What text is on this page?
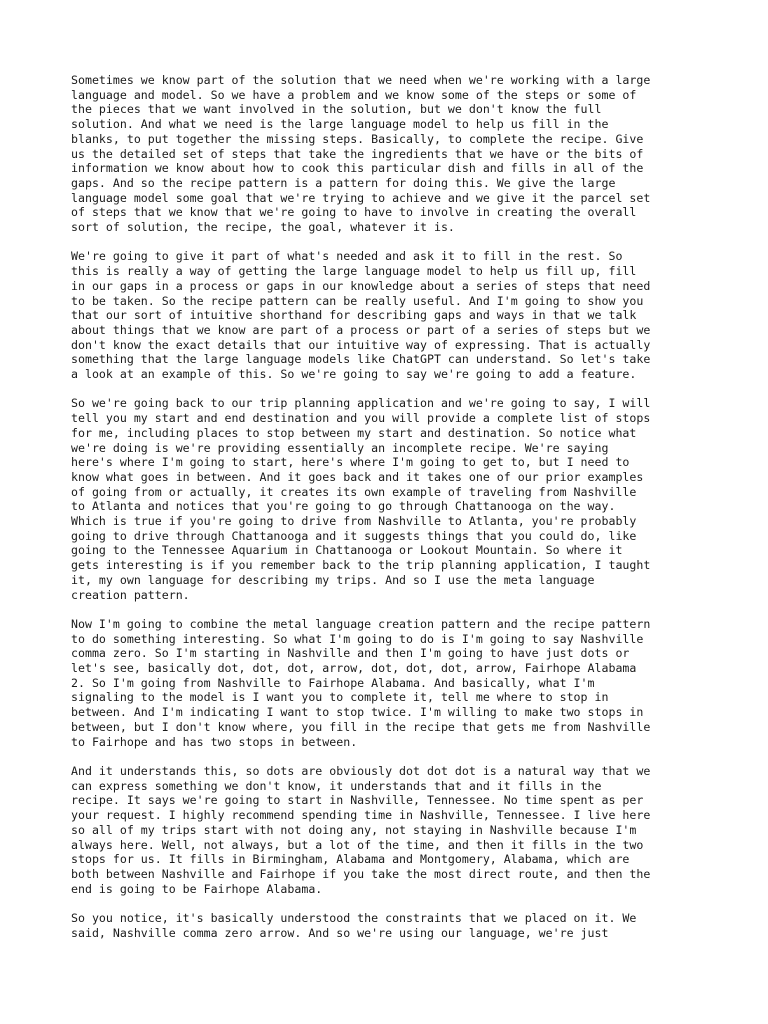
Sometimes we know part of the solution that we need when we're working with a large
language and model. So we have a problem and we know some of the steps or some of
the pieces that we want involved in the solution, but we don't know the full
solution. And what we need is the large language model to help us fill in the
blanks, to put together the missing steps. Basically, to complete the recipe. Give
us the detailed set of steps that take the ingredients that we have or the bits of
information we know about how to cook this particular dish and fills in all of the
gaps. And so the recipe pattern is a pattern for doing this. We give the large
language model some goal that we're trying to achieve and we give it the parcel set
of steps that we know that we're going to have to involve in creating the overall
sort of solution, the recipe, the goal, whatever it is.

We're going to give it part of what's needed and ask it to fill in the rest. So
this is really a way of getting the large language model to help us fill up, fill
in our gaps in a process or gaps in our knowledge about a series of steps that need
to be taken. So the recipe pattern can be really useful. And I'm going to show you
that our sort of intuitive shorthand for describing gaps and ways in that we talk
about things that we know are part of a process or part of a series of steps but we
don't know the exact details that our intuitive way of expressing. That is actually
something that the large language models like ChatGPT can understand. So let's take
a look at an example of this. So we're going to say we're going to add a feature.

So we're going back to our trip planning application and we're going to say, I will
tell you my start and end destination and you will provide a complete list of stops
for me, including places to stop between my start and destination. So notice what
we're doing is we're providing essentially an incomplete recipe. We're saying
here's where I'm going to start, here's where I'm going to get to, but I need to
know what goes in between. And it goes back and it takes one of our prior examples
of going from or actually, it creates its own example of traveling from Nashville
to Atlanta and notices that you're going to go through Chattanooga on the way.
Which is true if you're going to drive from Nashville to Atlanta, you're probably
going to drive through Chattanooga and it suggests things that you could do, like
going to the Tennessee Aquarium in Chattanooga or Lookout Mountain. So where it
gets interesting is if you remember back to the trip planning application, I taught
it, my own language for describing my trips. And so I use the meta language
creation pattern.

Now I'm going to combine the metal language creation pattern and the recipe pattern
to do something interesting. So what I'm going to do is I'm going to say Nashville
comma zero. So I'm starting in Nashville and then I'm going to have just dots or
let's see, basically dot, dot, dot, arrow, dot, dot, dot, arrow, Fairhope Alabama
2. So I'm going from Nashville to Fairhope Alabama. And basically, what I'm
signaling to the model is I want you to complete it, tell me where to stop in
between. And I'm indicating I want to stop twice. I'm willing to make two stops in
between, but I don't know where, you fill in the recipe that gets me from Nashville
to Fairhope and has two stops in between.

And it understands this, so dots are obviously dot dot dot is a natural way that we
can express something we don't know, it understands that and it fills in the
recipe. It says we're going to start in Nashville, Tennessee. No time spent as per
your request. I highly recommend spending time in Nashville, Tennessee. I live here
so all of my trips start with not doing any, not staying in Nashville because I'm
always here. Well, not always, but a lot of the time, and then it fills in the two
stops for us. It fills in Birmingham, Alabama and Montgomery, Alabama, which are
both between Nashville and Fairhope if you take the most direct route, and then the
end is going to be Fairhope Alabama.

So you notice, it's basically understood the constraints that we placed on it. We
said, Nashville comma zero arrow. And so we're using our language, we're just
